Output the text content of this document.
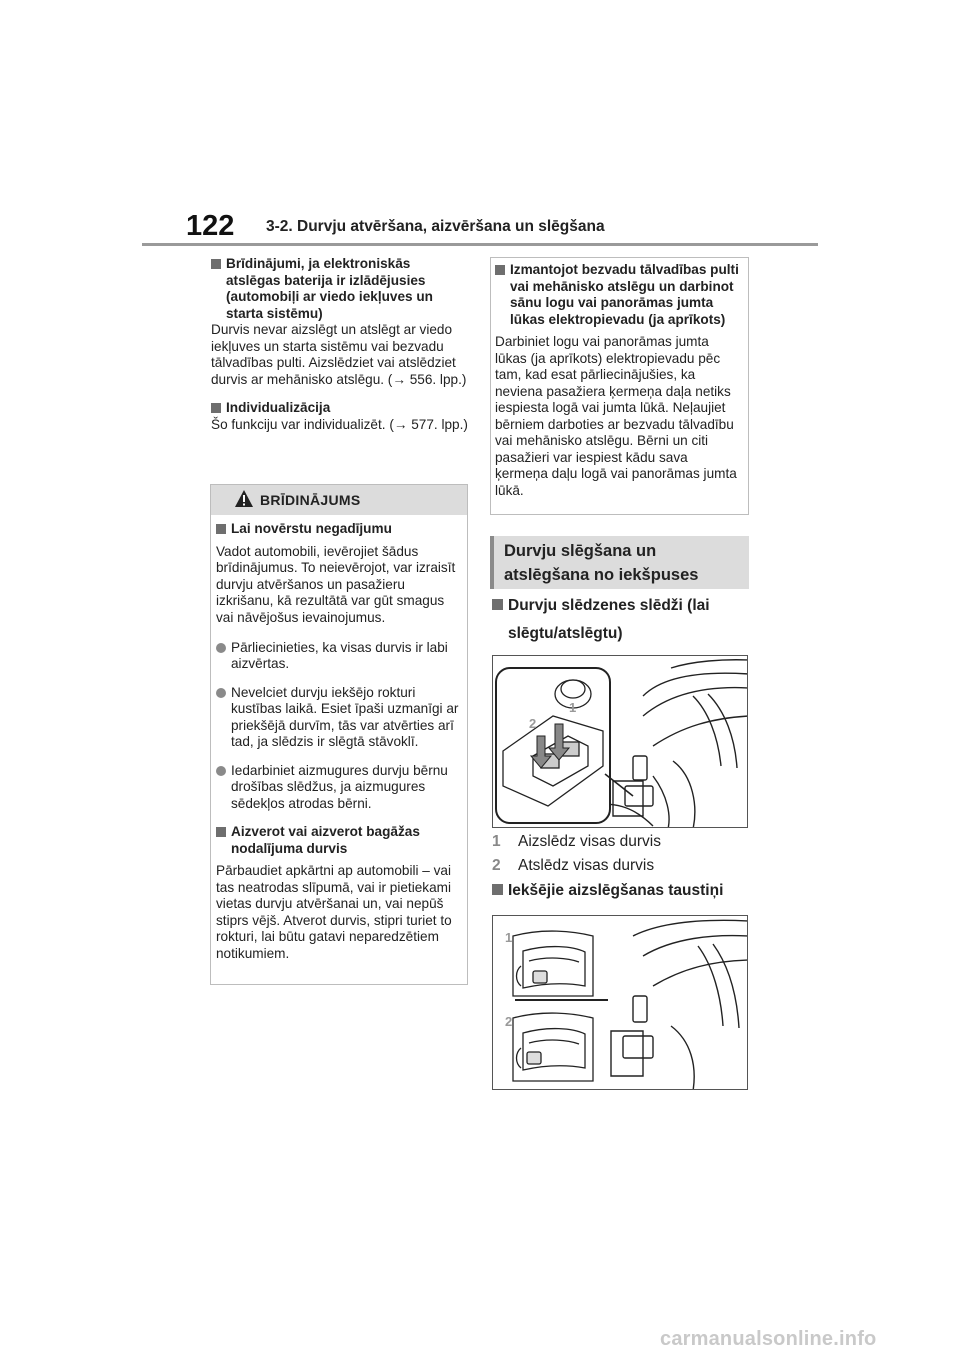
122 3-2. Durvju atvēršana, aizvēršana un slēgšana
Brīdinājumi, ja elektroniskās atslēgas baterija ir izlādējusies (automobiļi ar viedo iekļuves un starta sistēmu)

Durvis nevar aizslēgt un atslēgt ar viedo iekļuves un starta sistēmu vai bezvadu tālvadības pulti. Aizslēdziet vai atslēdziet durvis ar mehānisko atslēgu. (→ 556. lpp.)

Individualizācija

Šo funkciju var individualizēt. (→ 577. lpp.)

BRĪDINĀJUMS
Lai novērstu negadījumu

Vadot automobili, ievērojiet šādus brīdinājumus. To neievērojot, var izraisīt durvju atvēršanos un pasažieru izkrišanu, kā rezultātā var gūt smagus vai nāvējošus ievainojumus.

Pārliecinieties, ka visas durvis ir labi aizvērtas.
Nevelciet durvju iekšējo rokturi kustības laikā. Esiet īpaši uzmanīgi ar priekšējā durvīm, tās var atvērties arī tad, ja slēdzis ir slēgtā stāvoklī.
Iedarbiniet aizmugures durvju bērnu drošības slēdžus, ja aizmugures sēdekļos atrodas bērni.
Aizverot vai aizverot bagāžas nodalījuma durvis

Pārbaudiet apkārtni ap automobili – vai tas neatrodas slīpumā, vai ir pietiekami vietas durvju atvēršanai un, vai nepūš stiprs vējš. Atverot durvis, stipri turiet to rokturi, lai būtu gatavi neparedzētiem notikumiem.

Izmantojot bezvadu tālvadības pulti vai mehānisko atslēgu un darbinot sānu logu vai panorāmas jumta lūkas elektropievadu (ja aprīkots)

Darbiniet logu vai panorāmas jumta lūkas (ja aprīkots) elektropievadu pēc tam, kad esat pārliecinājušies, ka neviena pasažiera ķermeņa daļa netiks iespiesta logā vai jumta lūkā. Neļaujiet bērniem darboties ar bezvadu tālvadību vai mehānisko atslēgu. Bērni un citi pasažieri var iespiest kādu sava ķermeņa daļu logā vai panorāmas jumta lūkā.

Durvju slēgšana un
atslēgšana no iekšpuses
Durvju slēdzenes slēdži (lai
slēgtu/atslēgtu)
2
1
1 Aizslēdz visas durvis
2 Atslēdz visas durvis
Iekšējie aizslēgšanas taustiņi
1
2
carmanualsonline.info
